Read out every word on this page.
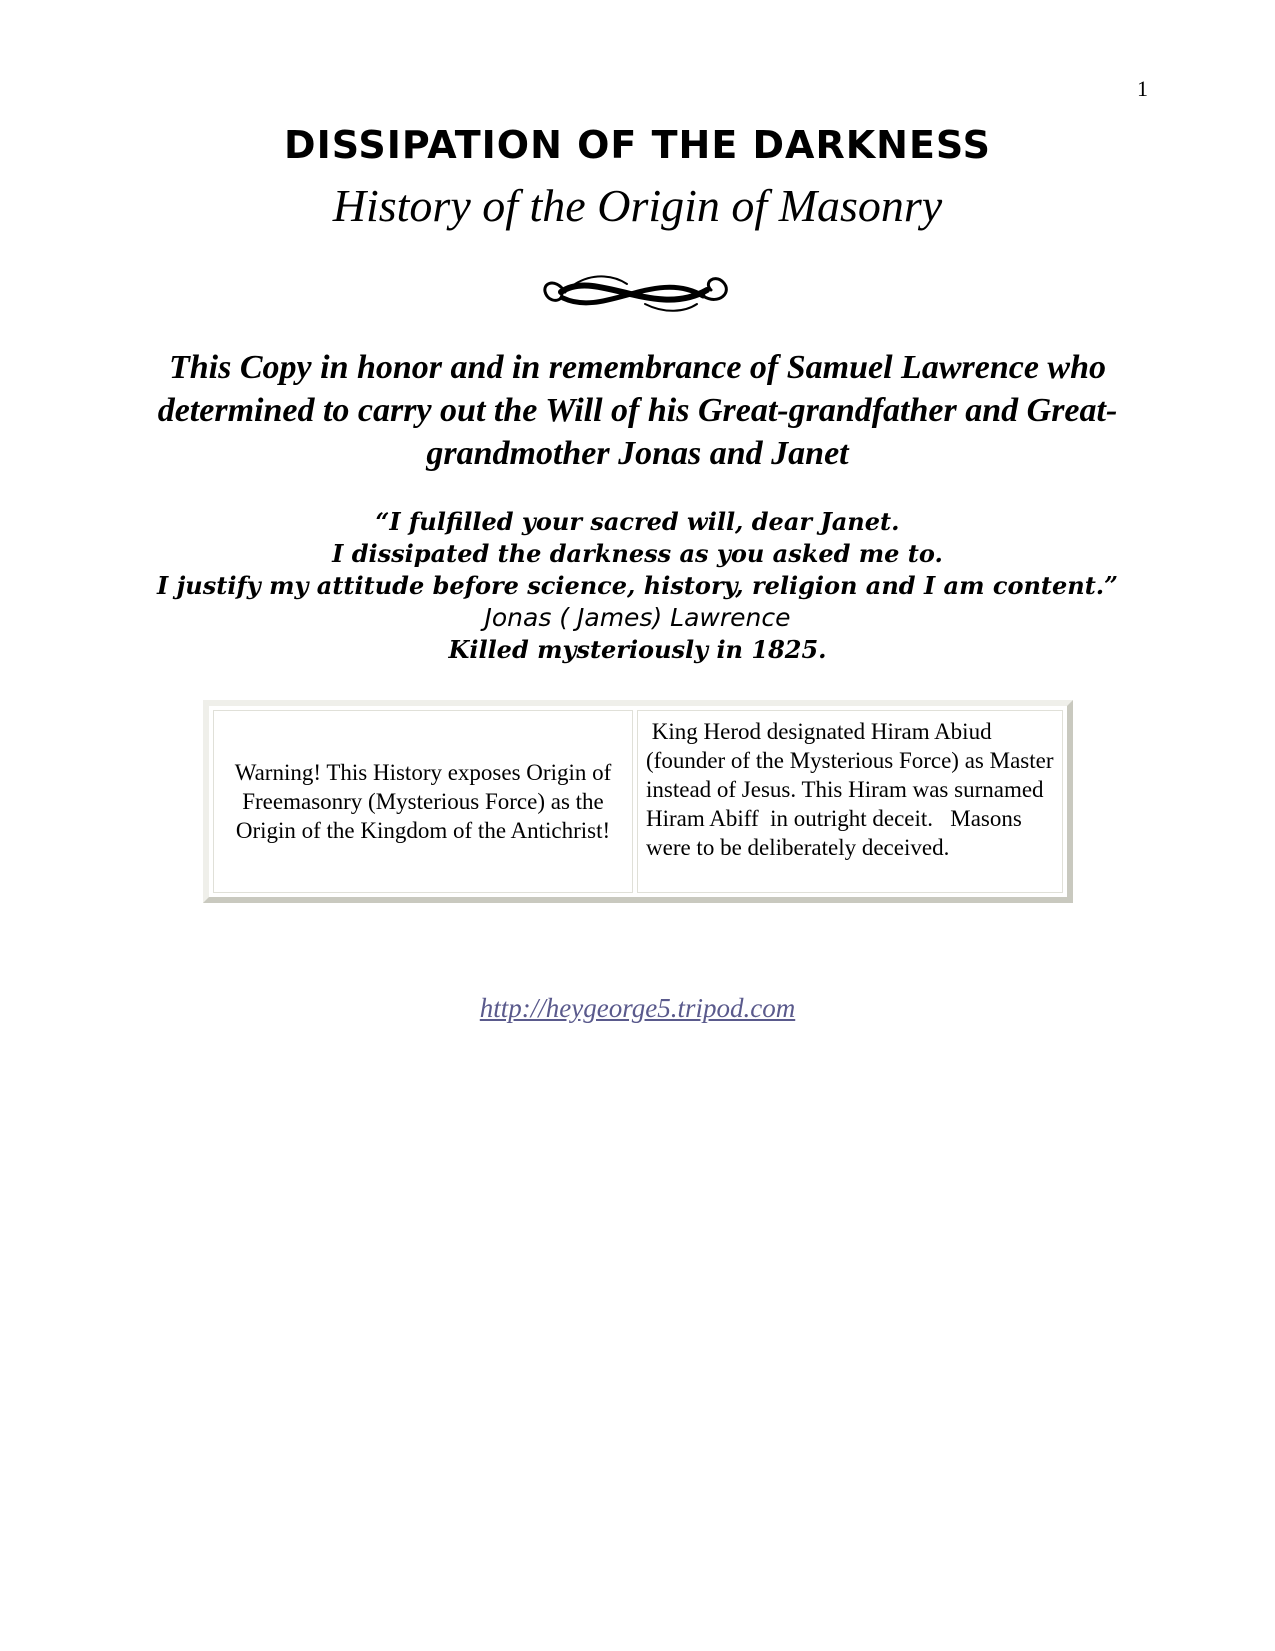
1
DISSIPATION OF THE DARKNESS
History of the Origin of Masonry
This Copy in honor and in remembrance of Samuel Lawrence who
determined to carry out the Will of his Great-grandfather and Great-
grandmother Jonas and Janet
“I fulfilled your sacred will, dear Janet.
I dissipated the darkness as you asked me to.
I justify my attitude before science, history, religion and I am content.”
Jonas ( James) Lawrence
Killed mysteriously in 1825.
Warning! This History exposes Origin of Freemasonry (Mysterious Force) as the Origin of the Kingdom of the Antichrist!
King Herod designated Hiram Abiud (founder of the Mysterious Force) as Master instead of Jesus. This Hiram was surnamed Hiram Abiff  in outright deceit.   Masons were to be deliberately deceived.
http://heygeorge5.tripod.com
